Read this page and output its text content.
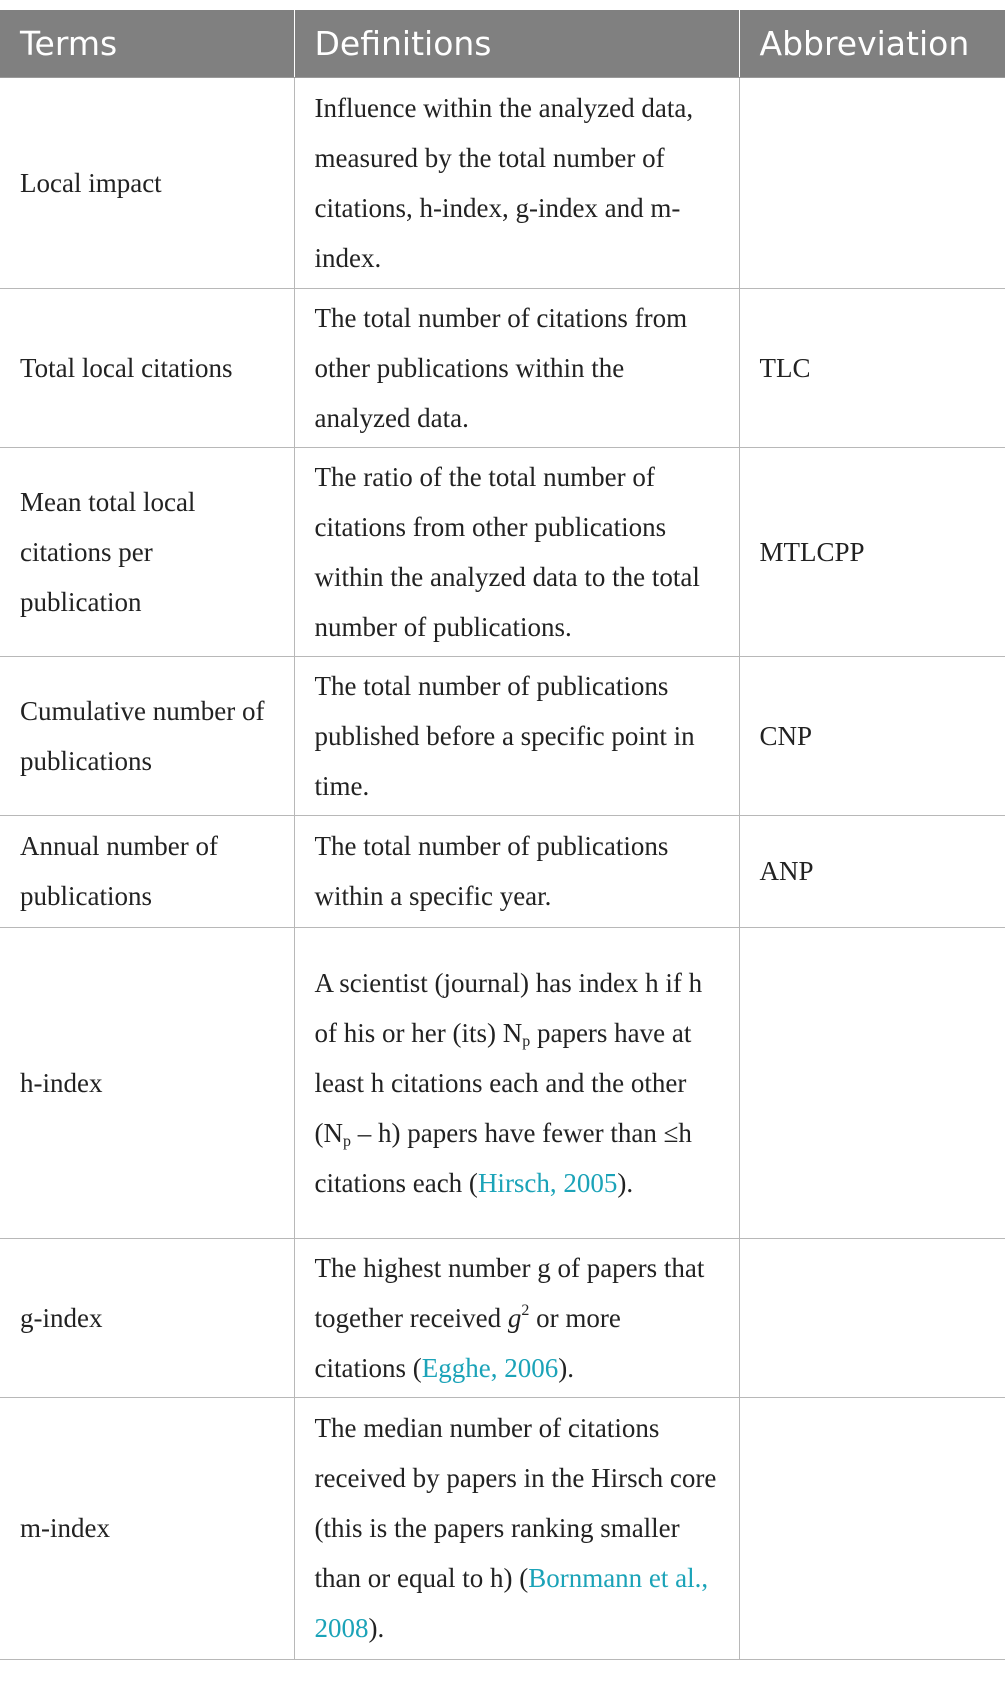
Terms	Definitions	Abbreviation
Local impact	Influence within the analyzed data, measured by the total number of citations, h-index, g-index and m-index.	
Total local citations	The total number of citations from other publications within the analyzed data.	TLC
Mean total local citations per publication	The ratio of the total number of citations from other publications within the analyzed data to the total number of publications.	MTLCPP
Cumulative number of publications	The total number of publications published before a specific point in time.	CNP
Annual number of publications	The total number of publications within a specific year.	ANP
h-index	A scientist (journal) has index h if h of his or her (its) $N_p$ papers have at least h citations each and the other $(N_p - h)$ papers have fewer than ≤h citations each (Hirsch, 2005).	
g-index	The highest number g of papers that together received $g^2$ or more citations (Egghe, 2006).	
m-index	The median number of citations received by papers in the Hirsch core (this is the papers ranking smaller than or equal to h) (Bornmann et al., 2008).	
